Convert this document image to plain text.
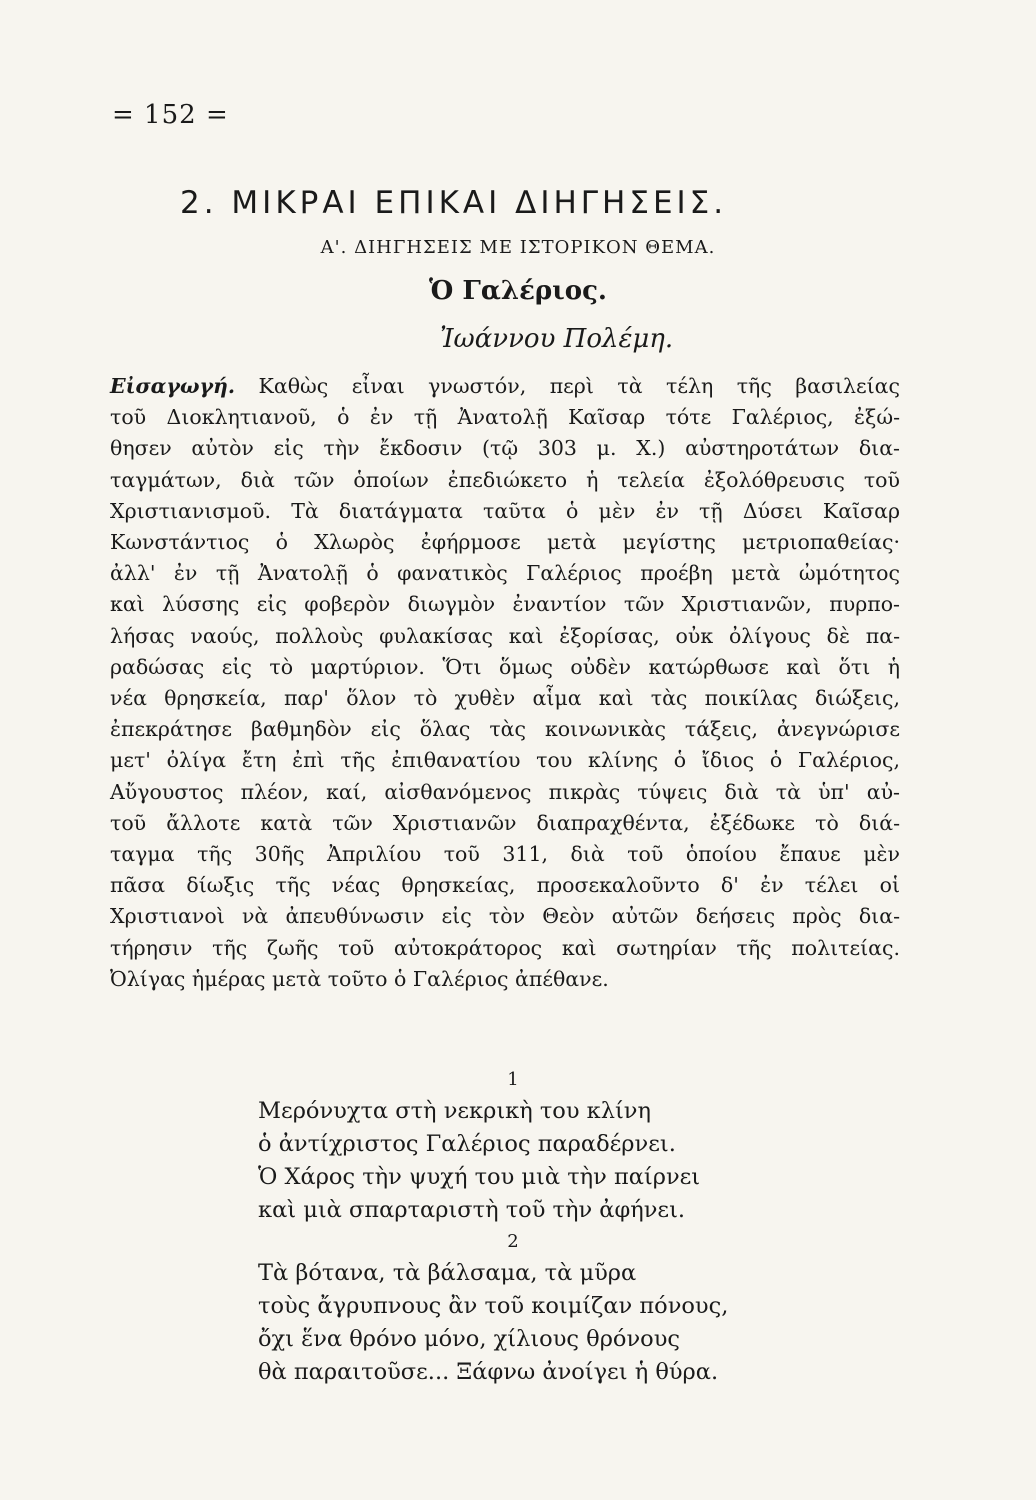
= 152 =
2. ΜΙΚΡΑΙ ΕΠΙΚΑΙ ΔΙΗΓΗΣΕΙΣ.
Α'. ΔΙΗΓΗΣΕΙΣ ΜΕ ΙΣΤΟΡΙΚΟΝ ΘΕΜΑ.
Ὁ Γαλέριος.
Ἰωάννου Πολέμη.
Εἰσαγωγή. Καθὼς εἶναι γνωστόν, περὶ τὰ τέλη τῆς βασιλείας
τοῦ Διοκλητιανοῦ, ὁ ἐν τῇ Ἀνατολῇ Καῖσαρ τότε Γαλέριος, ἐξώ-
θησεν αὐτὸν εἰς τὴν ἔκδοσιν (τῷ 303 μ. Χ.) αὐστηροτάτων δια-
ταγμάτων, διὰ τῶν ὁποίων ἐπεδιώκετο ἡ τελεία ἐξολόθρευσις τοῦ
Χριστιανισμοῦ. Τὰ διατάγματα ταῦτα ὁ μὲν ἐν τῇ Δύσει Καῖσαρ
Κωνστάντιος ὁ Χλωρὸς ἐφήρμοσε μετὰ μεγίστης μετριοπαθείας·
ἀλλ' ἐν τῇ Ἀνατολῇ ὁ φανατικὸς Γαλέριος προέβη μετὰ ὠμότητος
καὶ λύσσης εἰς φοβερὸν διωγμὸν ἐναντίον τῶν Χριστιανῶν, πυρπο-
λήσας ναούς, πολλοὺς φυλακίσας καὶ ἐξορίσας, οὐκ ὀλίγους δὲ πα-
ραδώσας εἰς τὸ μαρτύριον. Ὅτι ὅμως οὐδὲν κατώρθωσε καὶ ὅτι ἡ
νέα θρησκεία, παρ' ὅλον τὸ χυθὲν αἷμα καὶ τὰς ποικίλας διώξεις,
ἐπεκράτησε βαθμηδὸν εἰς ὅλας τὰς κοινωνικὰς τάξεις, ἀνεγνώρισε
μετ' ὀλίγα ἔτη ἐπὶ τῆς ἐπιθανατίου του κλίνης ὁ ἴδιος ὁ Γαλέριος,
Αὔγουστος πλέον, καί, αἰσθανόμενος πικρὰς τύψεις διὰ τὰ ὑπ' αὐ-
τοῦ ἄλλοτε κατὰ τῶν Χριστιανῶν διαπραχθέντα, ἐξέδωκε τὸ διά-
ταγμα τῆς 30ῆς Ἀπριλίου τοῦ 311, διὰ τοῦ ὁποίου ἔπαυε μὲν
πᾶσα δίωξις τῆς νέας θρησκείας, προσεκαλοῦντο δ' ἐν τέλει οἱ
Χριστιανοὶ νὰ ἀπευθύνωσιν εἰς τὸν Θεὸν αὐτῶν δεήσεις πρὸς δια-
τήρησιν τῆς ζωῆς τοῦ αὐτοκράτορος καὶ σωτηρίαν τῆς πολιτείας.
Ὀλίγας ἡμέρας μετὰ τοῦτο ὁ Γαλέριος ἀπέθανε.
1
Μερόνυχτα στὴ νεκρικὴ του κλίνη
ὁ ἀντίχριστος Γαλέριος παραδέρνει.
Ὁ Χάρος τὴν ψυχή του μιὰ τὴν παίρνει
καὶ μιὰ σπαρταριστὴ τοῦ τὴν ἀφήνει.
2
Τὰ βότανα, τὰ βάλσαμα, τὰ μῦρα
τοὺς ἄγρυπνους ἂν τοῦ κοιμίζαν πόνους,
ὄχι ἕνα θρόνο μόνο, χίλιους θρόνους
θὰ παραιτοῦσε... Ξάφνω ἀνοίγει ἡ θύρα.
